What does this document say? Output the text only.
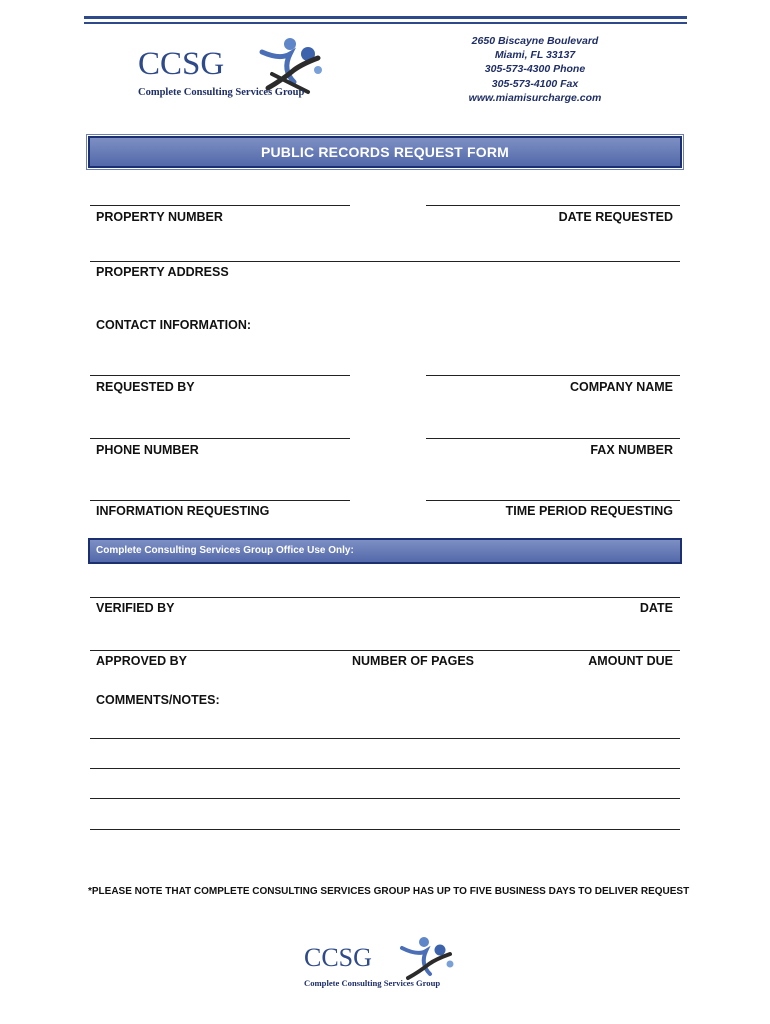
CCSG
Complete Consulting Services Group
2650 Biscayne Boulevard
Miami, FL 33137
305-573-4300 Phone
305-573-4100 Fax
www.miamisurcharge.com
PUBLIC RECORDS REQUEST FORM
PROPERTY NUMBER	DATE REQUESTED
PROPERTY ADDRESS
CONTACT INFORMATION:
REQUESTED BY	COMPANY NAME
PHONE NUMBER	FAX NUMBER
INFORMATION REQUESTING	TIME PERIOD REQUESTING
Complete Consulting Services Group Office Use Only:
VERIFIED BY	DATE
APPROVED BY	NUMBER OF PAGES	AMOUNT DUE
COMMENTS/NOTES:
*PLEASE NOTE THAT COMPLETE CONSULTING SERVICES GROUP HAS UP TO FIVE BUSINESS DAYS TO DELIVER REQUEST
CCSG
Complete Consulting Services Group
